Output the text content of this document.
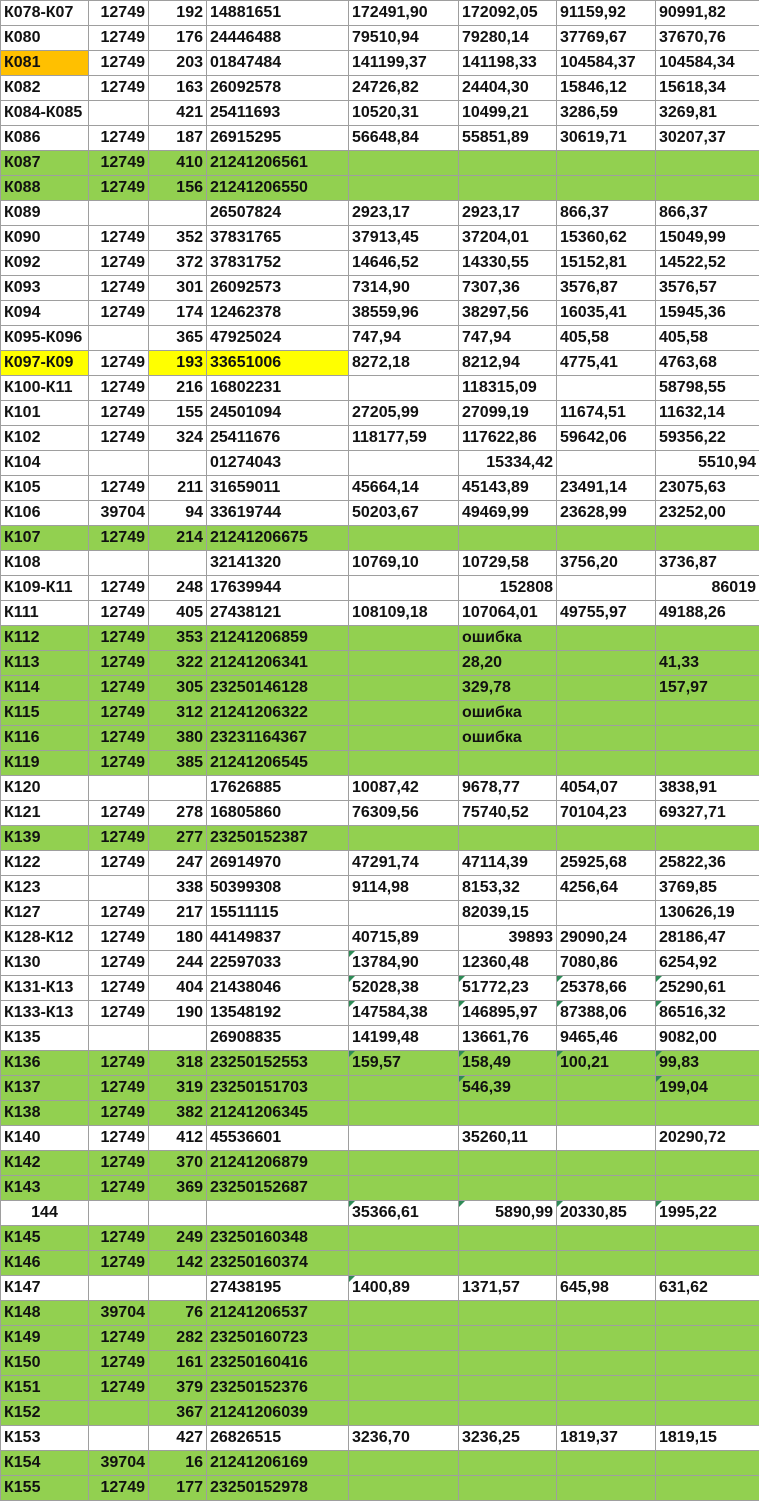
К078-К07	12749	192	14881651	172491,90	172092,05	91159,92	90991,82
К080	12749	176	24446488	79510,94	79280,14	37769,67	37670,76
К081	12749	203	01847484	141199,37	141198,33	104584,37	104584,34
К082	12749	163	26092578	24726,82	24404,30	15846,12	15618,34
К084-К085		421	25411693	10520,31	10499,21	3286,59	3269,81
К086	12749	187	26915295	56648,84	55851,89	30619,71	30207,37
К087	12749	410	21241206561				
К088	12749	156	21241206550				
К089			26507824	2923,17	2923,17	866,37	866,37
К090	12749	352	37831765	37913,45	37204,01	15360,62	15049,99
К092	12749	372	37831752	14646,52	14330,55	15152,81	14522,52
К093	12749	301	26092573	7314,90	7307,36	3576,87	3576,57
К094	12749	174	12462378	38559,96	38297,56	16035,41	15945,36
К095-К096		365	47925024	747,94	747,94	405,58	405,58
К097-К09	12749	193	33651006	8272,18	8212,94	4775,41	4763,68
К100-К11	12749	216	16802231		118315,09		58798,55
К101	12749	155	24501094	27205,99	27099,19	11674,51	11632,14
К102	12749	324	25411676	118177,59	117622,86	59642,06	59356,22
К104			01274043		15334,42		5510,94
К105	12749	211	31659011	45664,14	45143,89	23491,14	23075,63
К106	39704	94	33619744	50203,67	49469,99	23628,99	23252,00
К107	12749	214	21241206675				
К108			32141320	10769,10	10729,58	3756,20	3736,87
К109-К11	12749	248	17639944		152808		86019
К111	12749	405	27438121	108109,18	107064,01	49755,97	49188,26
К112	12749	353	21241206859		ошибка		
К113	12749	322	21241206341		28,20		41,33
К114	12749	305	23250146128		329,78		157,97
К115	12749	312	21241206322		ошибка		
К116	12749	380	23231164367		ошибка		
К119	12749	385	21241206545				
К120			17626885	10087,42	9678,77	4054,07	3838,91
К121	12749	278	16805860	76309,56	75740,52	70104,23	69327,71
К139	12749	277	23250152387				
К122	12749	247	26914970	47291,74	47114,39	25925,68	25822,36
К123		338	50399308	9114,98	8153,32	4256,64	3769,85
К127	12749	217	15511115		82039,15		130626,19
К128-К12	12749	180	44149837	40715,89	39893	29090,24	28186,47
К130	12749	244	22597033	13784,90	12360,48	7080,86	6254,92
К131-К13	12749	404	21438046	52028,38	51772,23	25378,66	25290,61
К133-К13	12749	190	13548192	147584,38	146895,97	87388,06	86516,32
К135			26908835	14199,48	13661,76	9465,46	9082,00
К136	12749	318	23250152553	159,57	158,49	100,21	99,83
К137	12749	319	23250151703		546,39		199,04
К138	12749	382	21241206345				
К140	12749	412	45536601		35260,11		20290,72
К142	12749	370	21241206879				
К143	12749	369	23250152687				
144				35366,61	5890,99	20330,85	1995,22
К145	12749	249	23250160348				
К146	12749	142	23250160374				
К147			27438195	1400,89	1371,57	645,98	631,62
К148	39704	76	21241206537				
К149	12749	282	23250160723				
К150	12749	161	23250160416				
К151	12749	379	23250152376				
К152		367	21241206039				
К153		427	26826515	3236,70	3236,25	1819,37	1819,15
К154	39704	16	21241206169				
К155	12749	177	23250152978				
